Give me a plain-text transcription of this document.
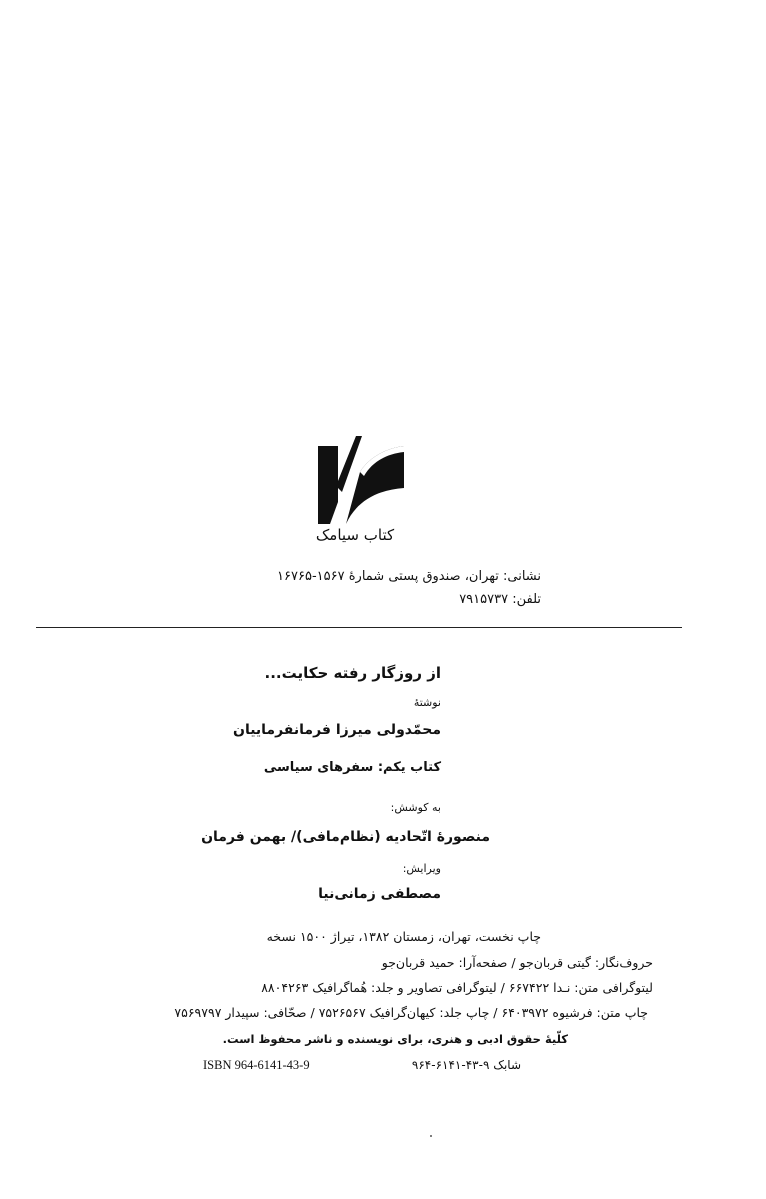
کتاب سیامک
نشانی: تهران، صندوق پستی شمارهٔ ۱۵۶۷-۱۶۷۶۵
تلفن: ۷۹۱۵۷۳۷
از روزگار رفته حکایت...
نوشتهٔ
محمّدولی میرزا فرمانفرماییان
کتاب یکم: سفرهای سیاسی
به کوشش:
منصورهٔ اتّحادیه (نظام‌مافی)/ بهمن فرمان
ویرایش:
مصطفی زمانی‌نیا
چاپ نخست، تهران، زمستان ۱۳۸۲، تیراژ ۱۵۰۰ نسخه
حروف‌نگار: گیتی قربان‌جو / صفحه‌آرا: حمید قربان‌جو
لیتوگرافی متن: نـدا ۶۶۷۴۲۲ / لیتوگرافی تصاویر و جلد: هُماگرافیک ۸۸۰۴۲۶۳
چاپ متن: فرشیوه ۶۴۰۳۹۷۲ / چاپ جلد: کیهان‌گرافیک ۷۵۲۶۵۶۷ / صحّافی: سپیدار ۷۵۶۹۷۹۷
کلّیهٔ حقوق ادبی و هنری، برای نویسنده و ناشر محفوظ است.
شابک ۹-۴۳-۶۱۴۱-۹۶۴
ISBN 964-6141-43-9
